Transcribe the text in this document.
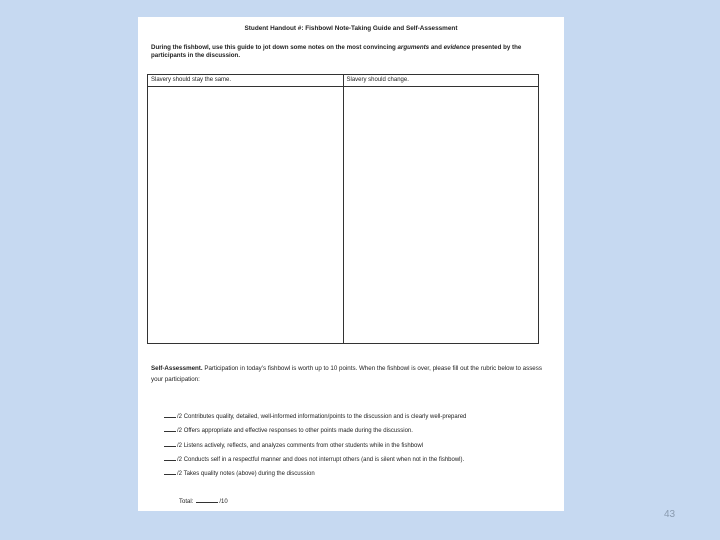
Student Handout #: Fishbowl Note-Taking Guide and Self-Assessment
During the fishbowl, use this guide to jot down some notes on the most convincing arguments and evidence presented by the participants in the discussion.
Slavery should stay the same.	Slavery should change.
Self-Assessment. Participation in today’s fishbowl is worth up to 10 points. When the fishbowl is over, please fill out the rubric below to assess your participation:
/2 Contributes quality, detailed, well-informed information/points to the discussion and is clearly well-prepared
/2 Offers appropriate and effective responses to other points made during the discussion.
/2 Listens actively, reflects, and analyzes comments from other students while in the fishbowl
/2 Conducts self in a respectful manner and does not interrupt others (and is silent when not in the fishbowl).
/2 Takes quality notes (above) during the discussion
Total:	/10
43
